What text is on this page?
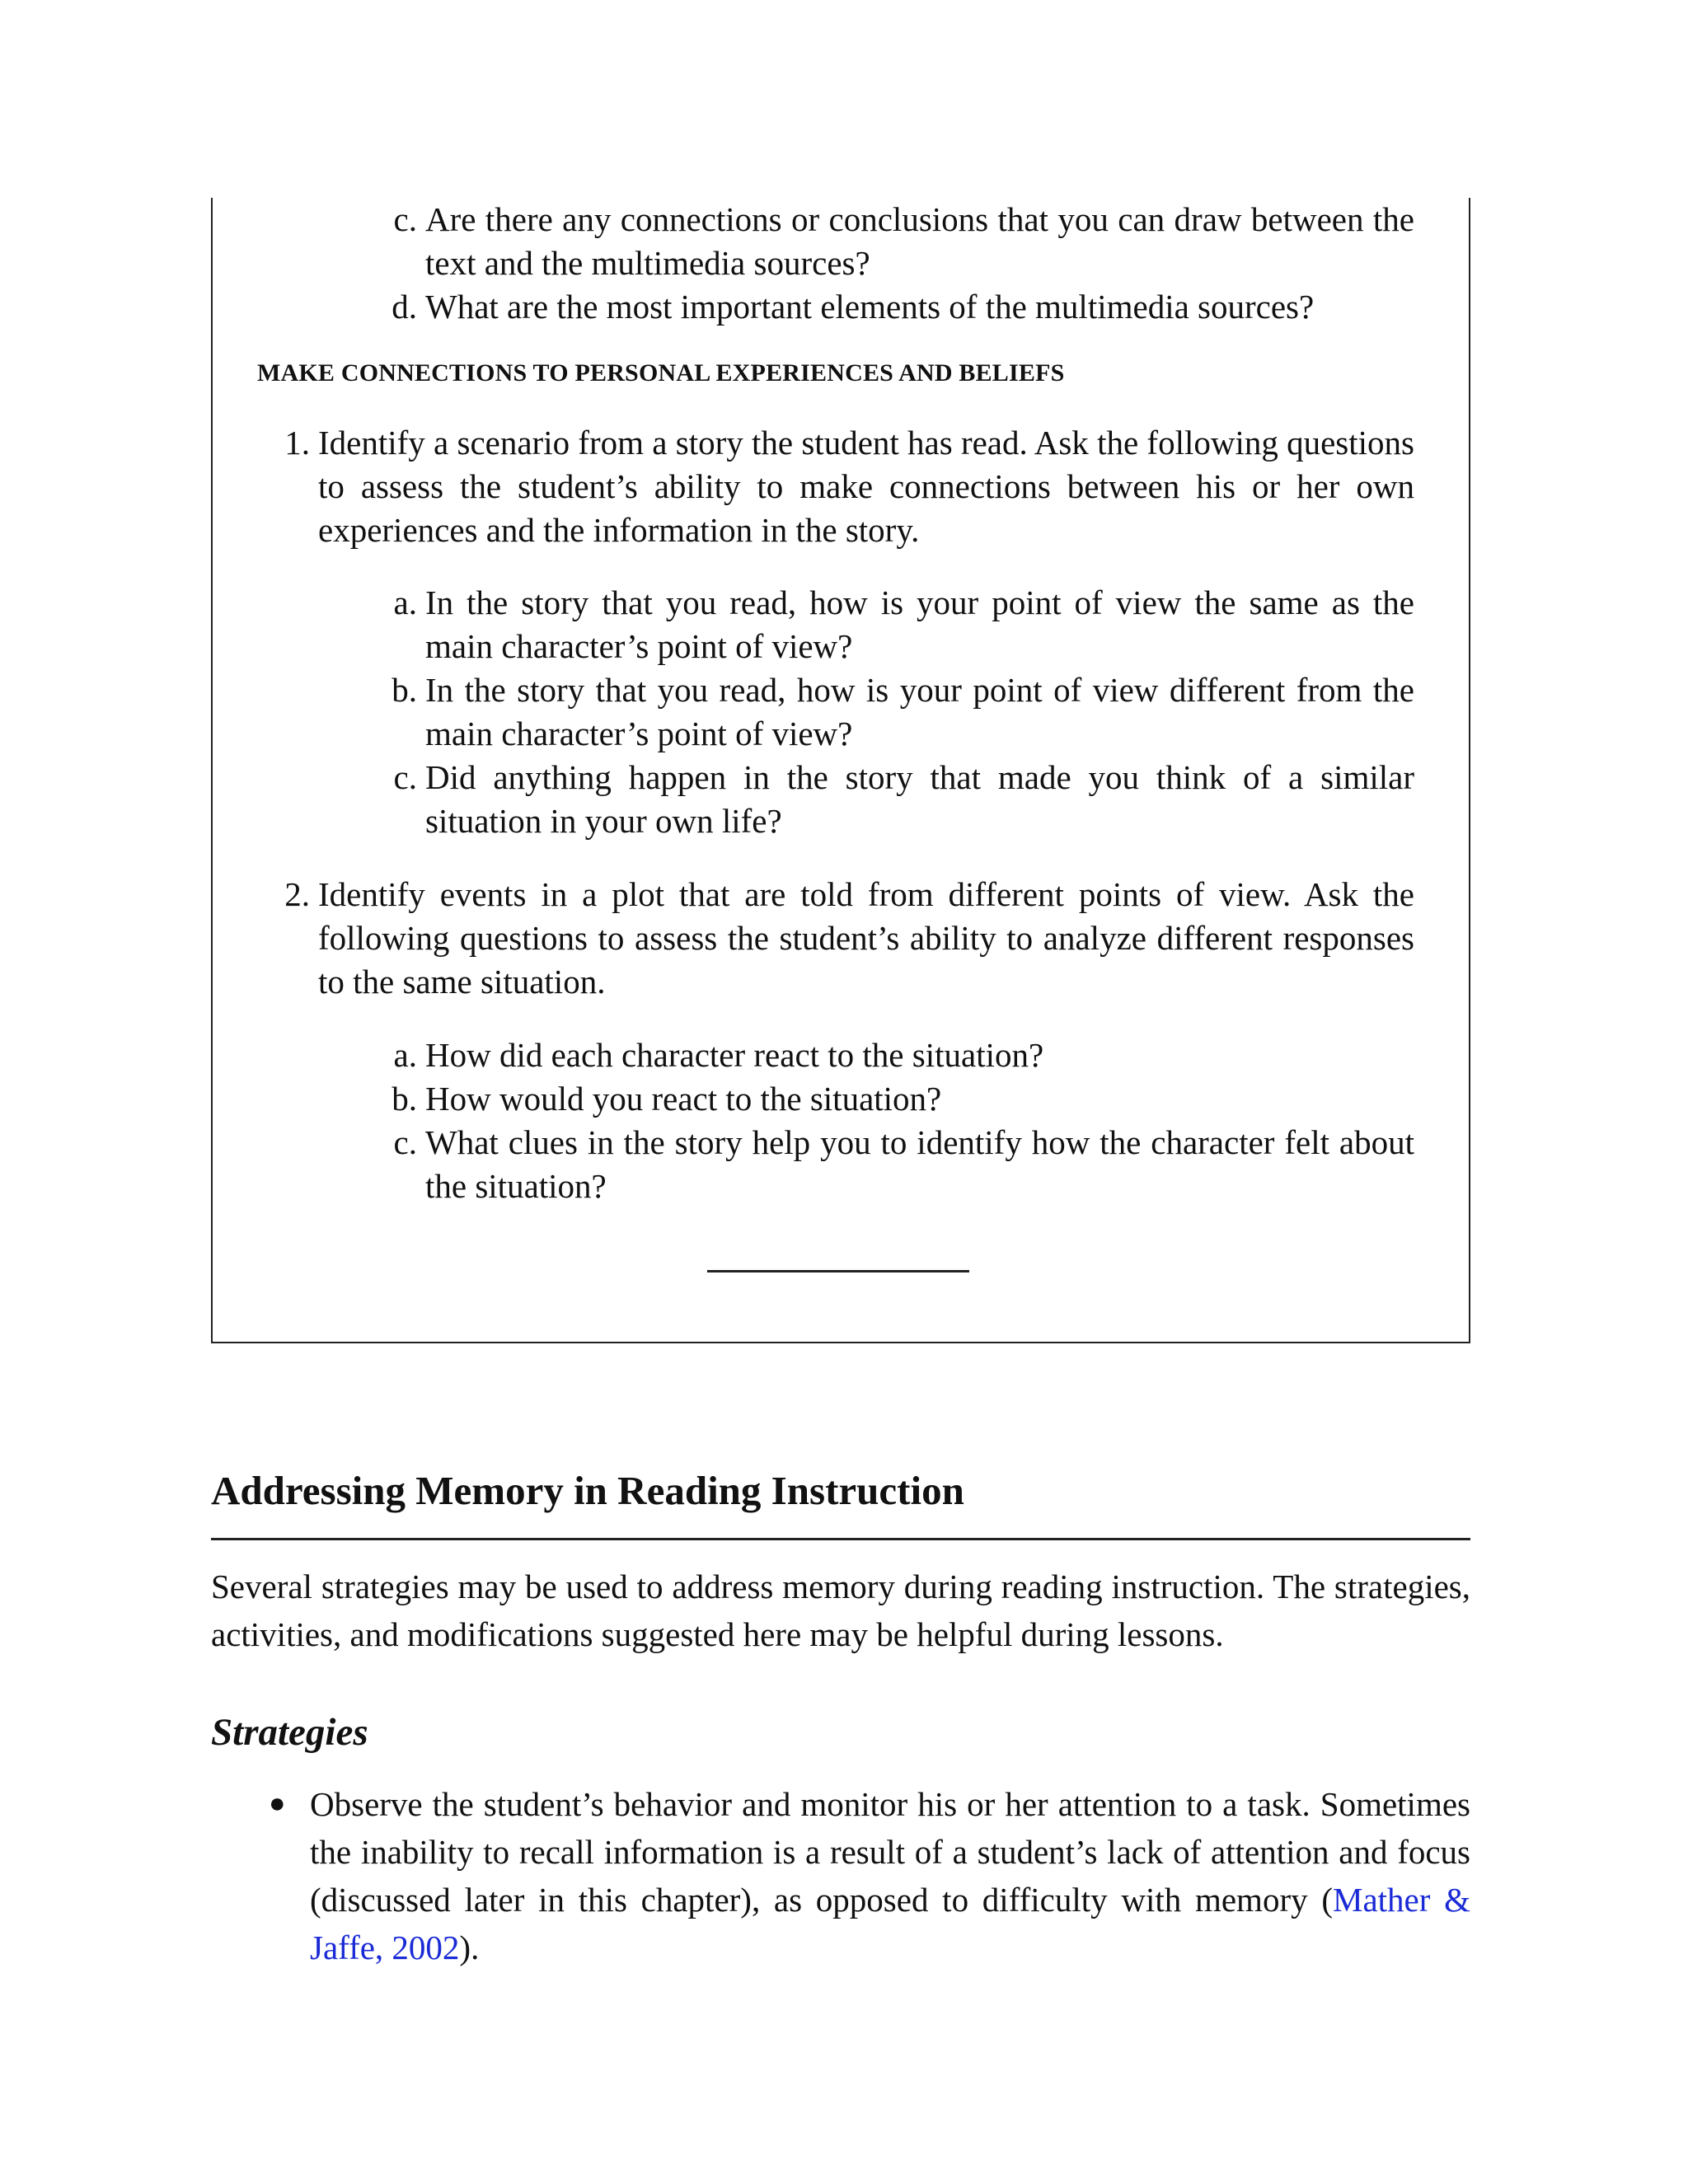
c. Are there any connections or conclusions that you can draw between the text and the multimedia sources?
d. What are the most important elements of the multimedia sources?
MAKE CONNECTIONS TO PERSONAL EXPERIENCES AND BELIEFS
1. Identify a scenario from a story the student has read. Ask the following questions to assess the student’s ability to make connections between his or her own experiences and the information in the story.
a. In the story that you read, how is your point of view the same as the main character’s point of view?
b. In the story that you read, how is your point of view different from the main character’s point of view?
c. Did anything happen in the story that made you think of a similar situation in your own life?
2. Identify events in a plot that are told from different points of view. Ask the following questions to assess the student’s ability to analyze different responses to the same situation.
a. How did each character react to the situation?
b. How would you react to the situation?
c. What clues in the story help you to identify how the character felt about the situation?
Addressing Memory in Reading Instruction
Several strategies may be used to address memory during reading instruction. The strategies, activities, and modifications suggested here may be helpful during lessons.
Strategies
● Observe the student’s behavior and monitor his or her attention to a task. Sometimes the inability to recall information is a result of a student’s lack of attention and focus (discussed later in this chapter), as opposed to difficulty with memory (Mather & Jaffe, 2002).
